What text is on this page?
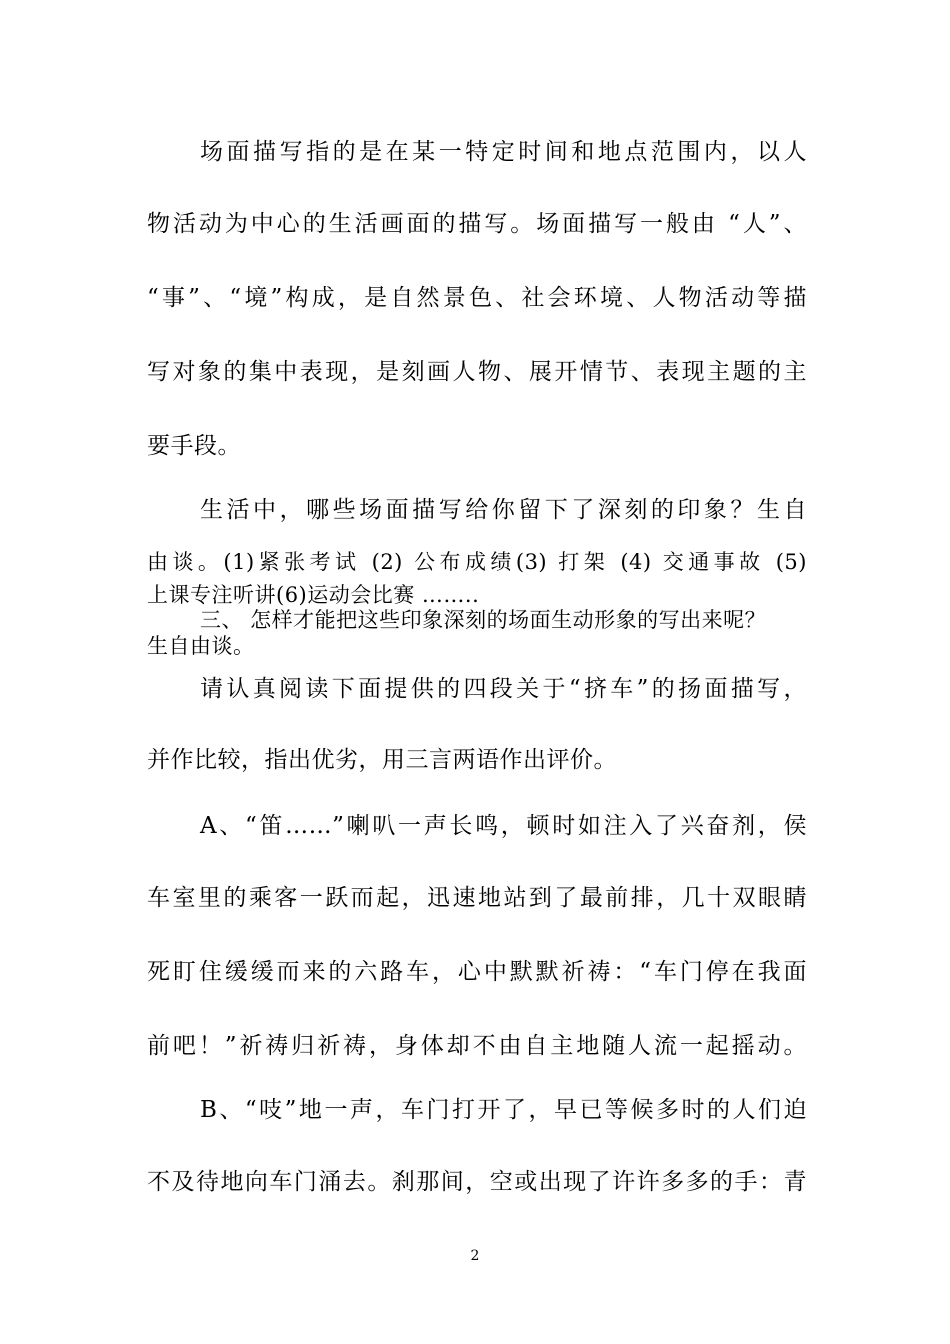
场面描写指的是在某一特定时间和地点范围内，以人
物活动为中心的生活画面的描写。场面描写一般由 “人”、
“事”、“境”构成，是自然景色、社会环境、人物活动等描
写对象的集中表现，是刻画人物、展开情节、表现主题的主
要手段。
生活中，哪些场面描写给你留下了深刻的印象？生自
由谈。(1)紧张考试 (2) 公布成绩(3) 打架 (4) 交通事故 (5)
上课专注听讲(6)运动会比赛 ……..
三、 怎样才能把这些印象深刻的场面生动形象的写出来呢？
生自由谈。
请认真阅读下面提供的四段关于“挤车”的扬面描写，
并作比较，指出优劣，用三言两语作出评价。
A、“笛……”喇叭一声长鸣，顿时如注入了兴奋剂，侯
车室里的乘客一跃而起，迅速地站到了最前排，几十双眼睛
死盯住缓缓而来的六路车，心中默默祈祷：“车门停在我面
前吧！”祈祷归祈祷，身体却不由自主地随人流一起摇动。
B、“吱”地一声，车门打开了，早已等候多时的人们迫
不及待地向车门涌去。刹那间，空或出现了许许多多的手：青
2
